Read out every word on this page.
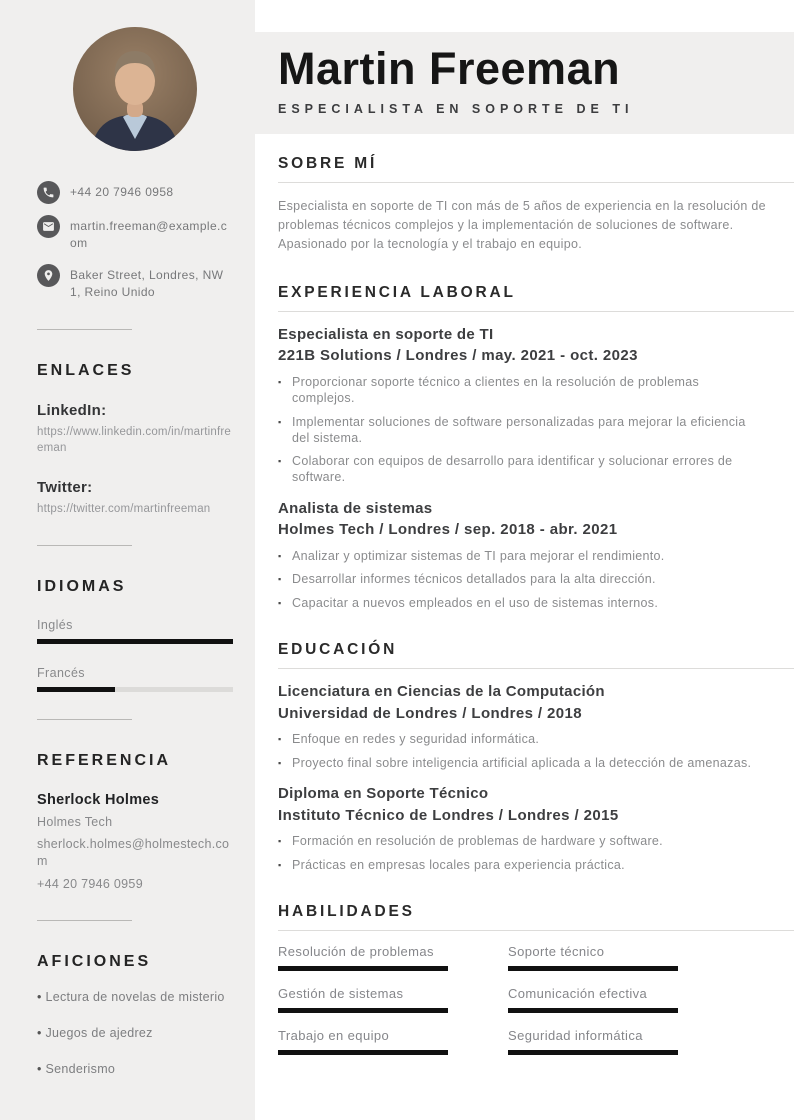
+44 20 7946 0958
martin.freeman@example.com
Baker Street, Londres, NW1, Reino Unido
ENLACES
LinkedIn:
https://www.linkedin.com/in/martinfreeman
Twitter:
https://twitter.com/martinfreeman
IDIOMAS
Inglés
Francés
REFERENCIA
Sherlock Holmes
Holmes Tech
sherlock.holmes@holmestech.com
+44 20 7946 0959
AFICIONES
• Lectura de novelas de misterio
• Juegos de ajedrez
• Senderismo
Martin Freeman
ESPECIALISTA EN SOPORTE DE TI
SOBRE MÍ

Especialista en soporte de TI con más de 5 años de experiencia en la resolución de problemas técnicos complejos y la implementación de soluciones de software. Apasionado por la tecnología y el trabajo en equipo.

EXPERIENCIA LABORAL
Especialista en soporte de TI
221B Solutions / Londres / may. 2021 - oct. 2023
▪ Proporcionar soporte técnico a clientes en la resolución de problemas complejos.
▪ Implementar soluciones de software personalizadas para mejorar la eficiencia del sistema.
▪ Colaborar con equipos de desarrollo para identificar y solucionar errores de software.
Analista de sistemas
Holmes Tech / Londres / sep. 2018 - abr. 2021
▪ Analizar y optimizar sistemas de TI para mejorar el rendimiento.
▪ Desarrollar informes técnicos detallados para la alta dirección.
▪ Capacitar a nuevos empleados en el uso de sistemas internos.
EDUCACIÓN
Licenciatura en Ciencias de la Computación
Universidad de Londres / Londres / 2018
▪ Enfoque en redes y seguridad informática.
▪ Proyecto final sobre inteligencia artificial aplicada a la detección de amenazas.
Diploma en Soporte Técnico
Instituto Técnico de Londres / Londres / 2015
▪ Formación en resolución de problemas de hardware y software.
▪ Prácticas en empresas locales para experiencia práctica.
HABILIDADES
Resolución de problemas	Soporte técnico
Gestión de sistemas	Comunicación efectiva
Trabajo en equipo	Seguridad informática
